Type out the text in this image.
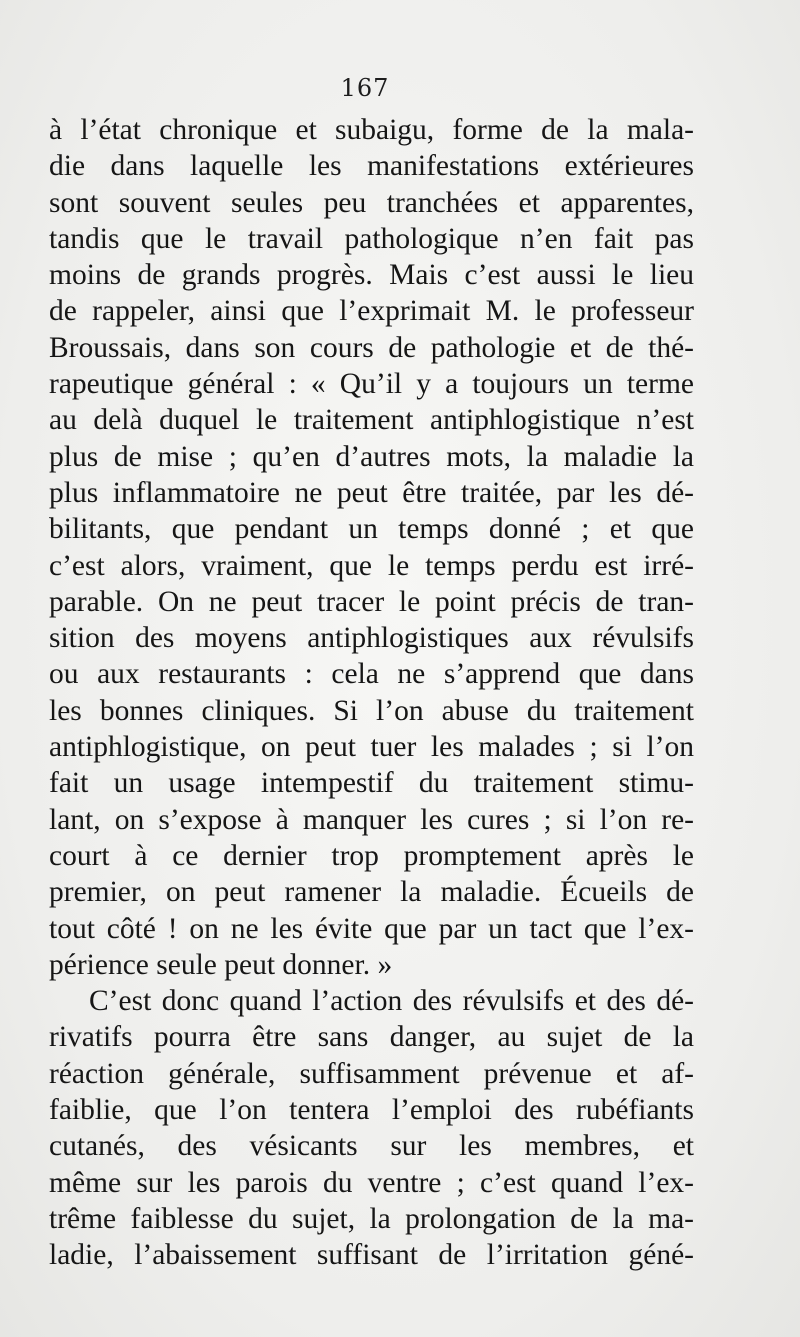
167
à l’état chronique et subaigu, forme de la mala-
die dans laquelle les manifestations extérieures
sont souvent seules peu tranchées et apparentes,
tandis que le travail pathologique n’en fait pas
moins de grands progrès. Mais c’est aussi le lieu
de rappeler, ainsi que l’exprimait M. le professeur
Broussais, dans son cours de pathologie et de thé-
rapeutique général : « Qu’il y a toujours un terme
au delà duquel le traitement antiphlogistique n’est
plus de mise ; qu’en d’autres mots, la maladie la
plus inflammatoire ne peut être traitée, par les dé-
bilitants, que pendant un temps donné ; et que
c’est alors, vraiment, que le temps perdu est irré-
parable. On ne peut tracer le point précis de tran-
sition des moyens antiphlogistiques aux révulsifs
ou aux restaurants : cela ne s’apprend que dans
les bonnes cliniques. Si l’on abuse du traitement
antiphlogistique, on peut tuer les malades ; si l’on
fait un usage intempestif du traitement stimu-
lant, on s’expose à manquer les cures ; si l’on re-
court à ce dernier trop promptement après le
premier, on peut ramener la maladie. Écueils de
tout côté ! on ne les évite que par un tact que l’ex-
périence seule peut donner. »
C’est donc quand l’action des révulsifs et des dé-
rivatifs pourra être sans danger, au sujet de la
réaction générale, suffisamment prévenue et af-
faiblie, que l’on tentera l’emploi des rubéfiants
cutanés, des vésicants sur les membres, et
même sur les parois du ventre ; c’est quand l’ex-
trême faiblesse du sujet, la prolongation de la ma-
ladie, l’abaissement suffisant de l’irritation géné-
